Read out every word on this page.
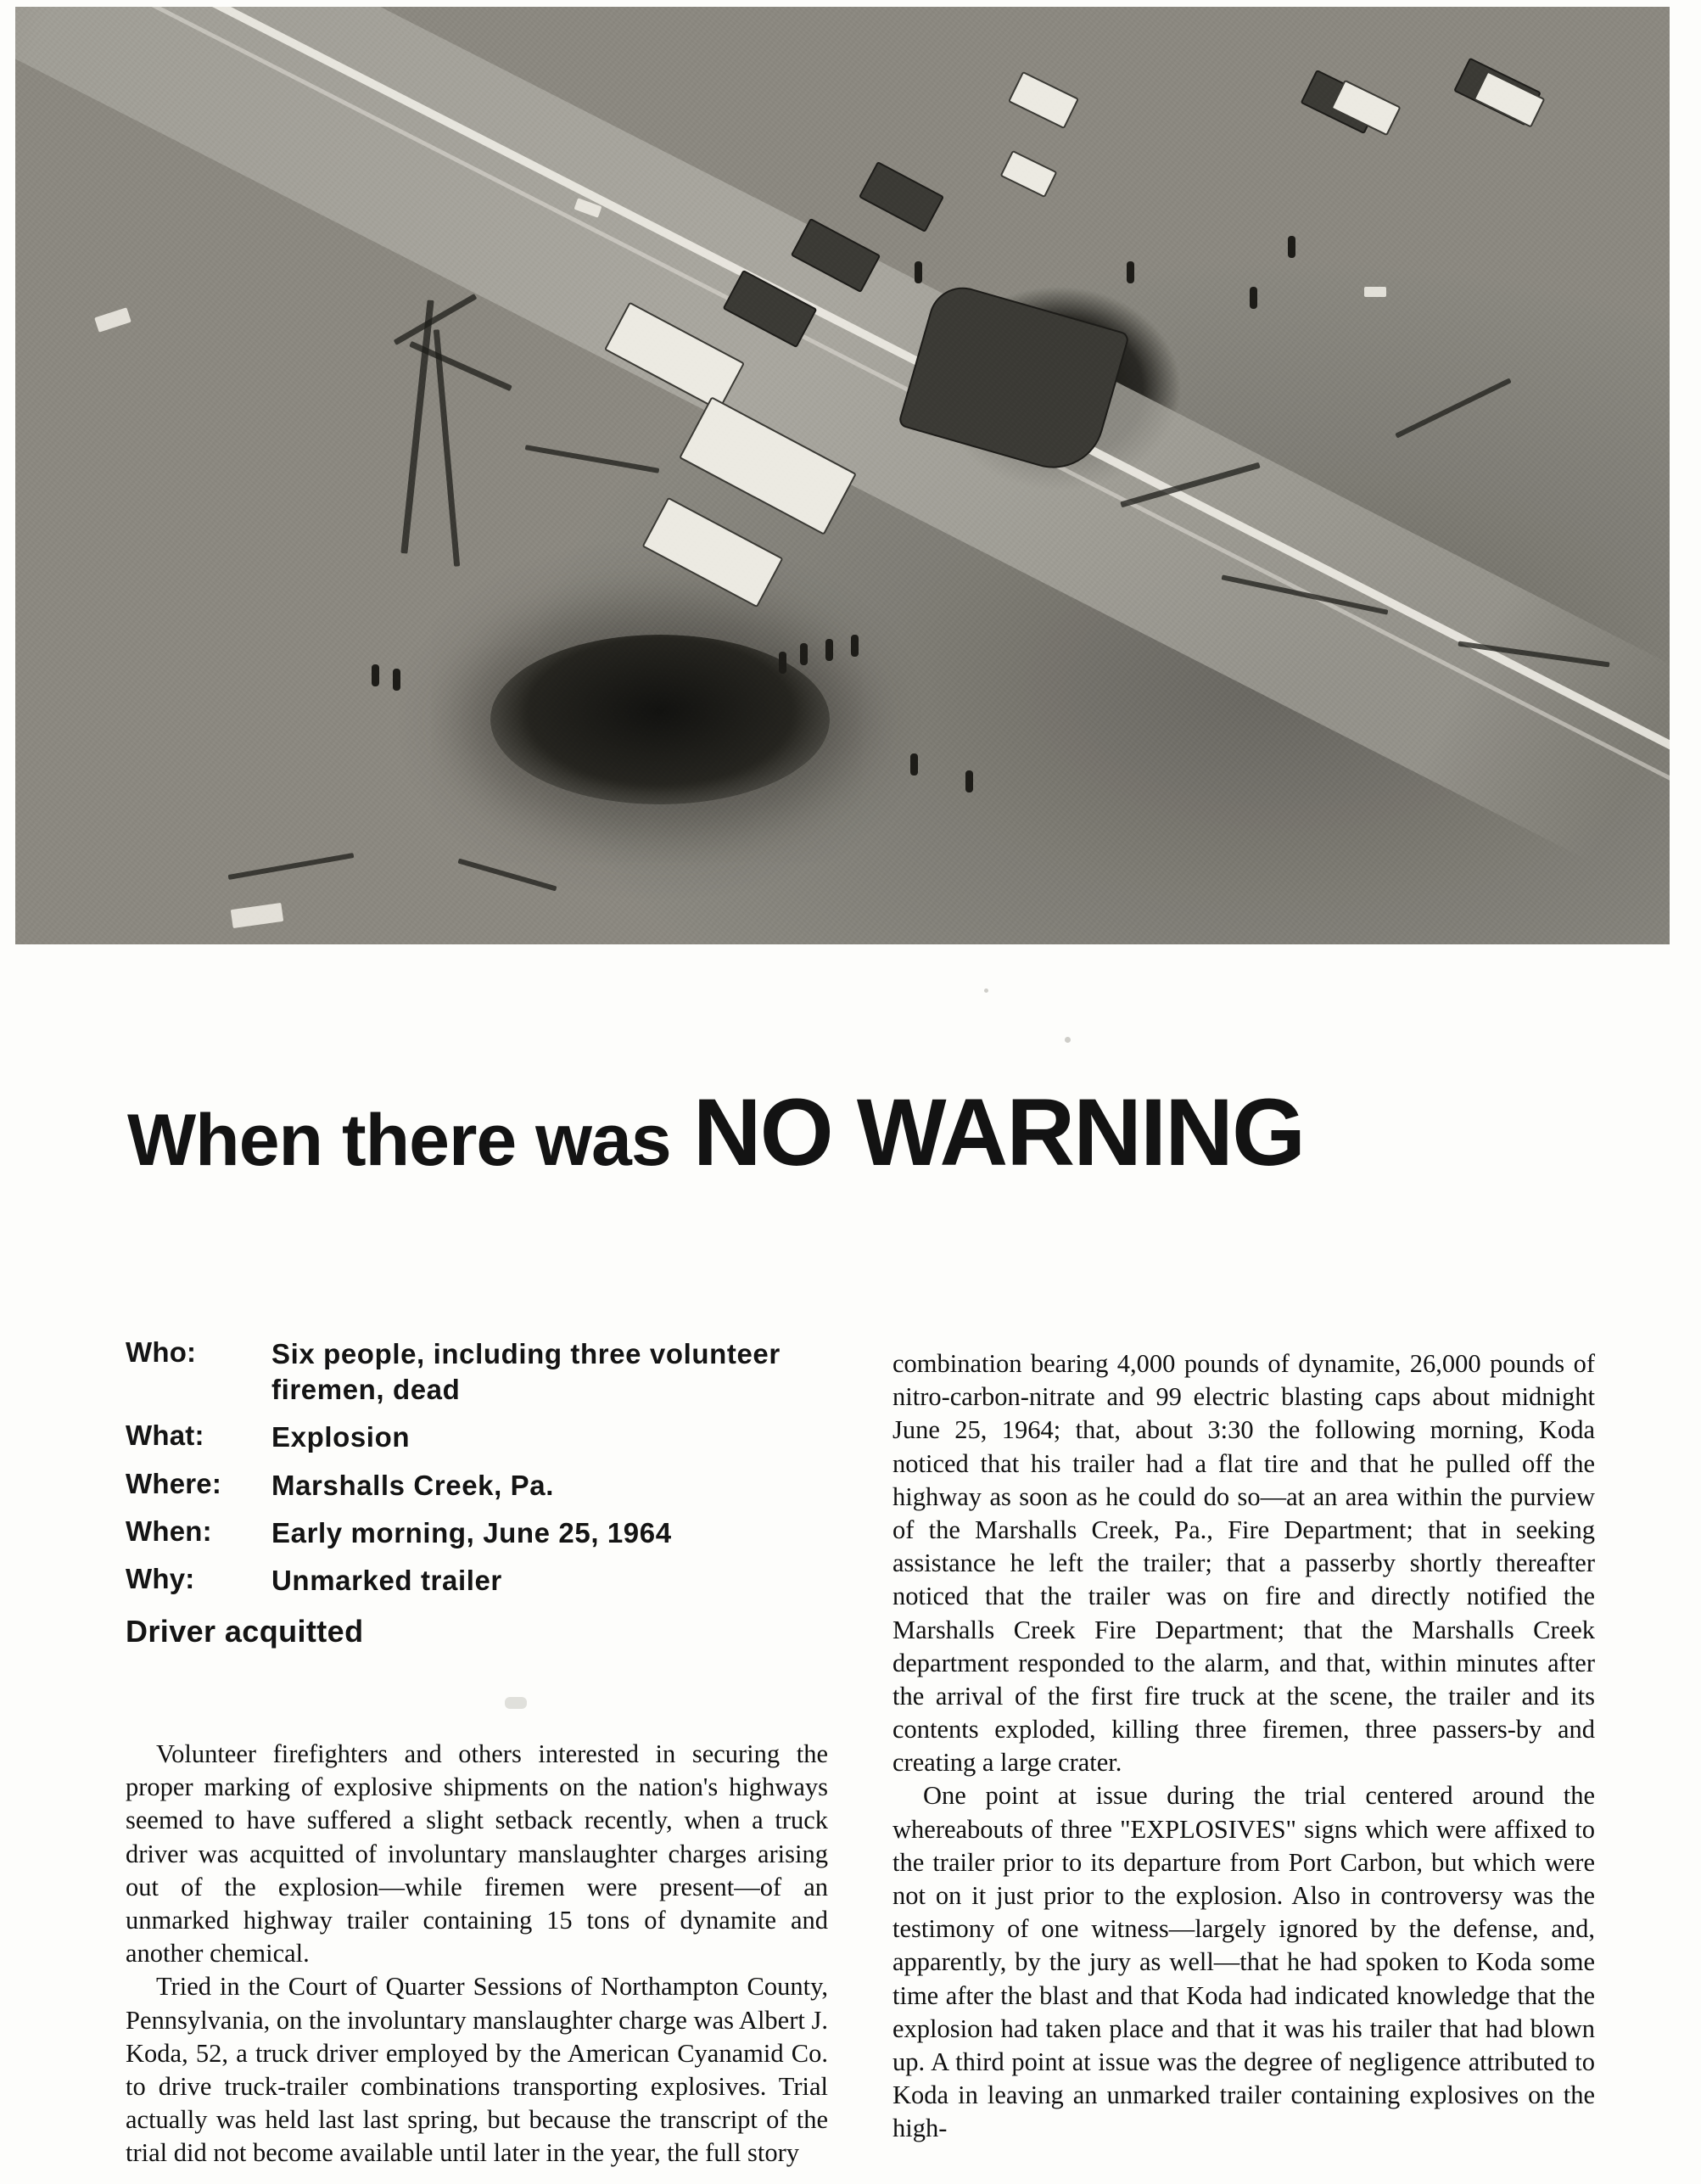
When there was NO WARNING
Who:	Six people, including three volunteer firemen, dead
What:	Explosion
Where:	Marshalls Creek, Pa.
When:	Early morning, June 25, 1964
Why:	Unmarked trailer
Driver acquitted

Volunteer firefighters and others interested in securing the proper marking of explosive shipments on the nation's highways seemed to have suffered a slight setback recently, when a truck driver was acquitted of involuntary manslaughter charges arising out of the explosion—while firemen were present—of an unmarked highway trailer containing 15 tons of dynamite and another chemical.

Tried in the Court of Quarter Sessions of Northampton County, Pennsylvania, on the involuntary manslaughter charge was Albert J. Koda, 52, a truck driver employed by the American Cyanamid Co. to drive truck-trailer combinations transporting explosives. Trial actually was held last last spring, but because the transcript of the trial did not become available until later in the year, the full story

combination bearing 4,000 pounds of dynamite, 26,000 pounds of nitro-carbon-nitrate and 99 electric blasting caps about midnight June 25, 1964; that, about 3:30 the following morning, Koda noticed that his trailer had a flat tire and that he pulled off the highway as soon as he could do so—at an area within the purview of the Marshalls Creek, Pa., Fire Department; that in seeking assistance he left the trailer; that a passerby shortly thereafter noticed that the trailer was on fire and directly notified the Marshalls Creek Fire Department; that the Marshalls Creek department responded to the alarm, and that, within minutes after the arrival of the first fire truck at the scene, the trailer and its contents exploded, killing three firemen, three passers-by and creating a large crater.

One point at issue during the trial centered around the whereabouts of three "EXPLOSIVES" signs which were affixed to the trailer prior to its departure from Port Carbon, but which were not on it just prior to the explosion. Also in controversy was the testimony of one witness—largely ignored by the defense, and, apparently, by the jury as well—that he had spoken to Koda some time after the blast and that Koda had indicated knowledge that the explosion had taken place and that it was his trailer that had blown up. A third point at issue was the degree of negligence attributed to Koda in leaving an unmarked trailer containing explosives on the high-
